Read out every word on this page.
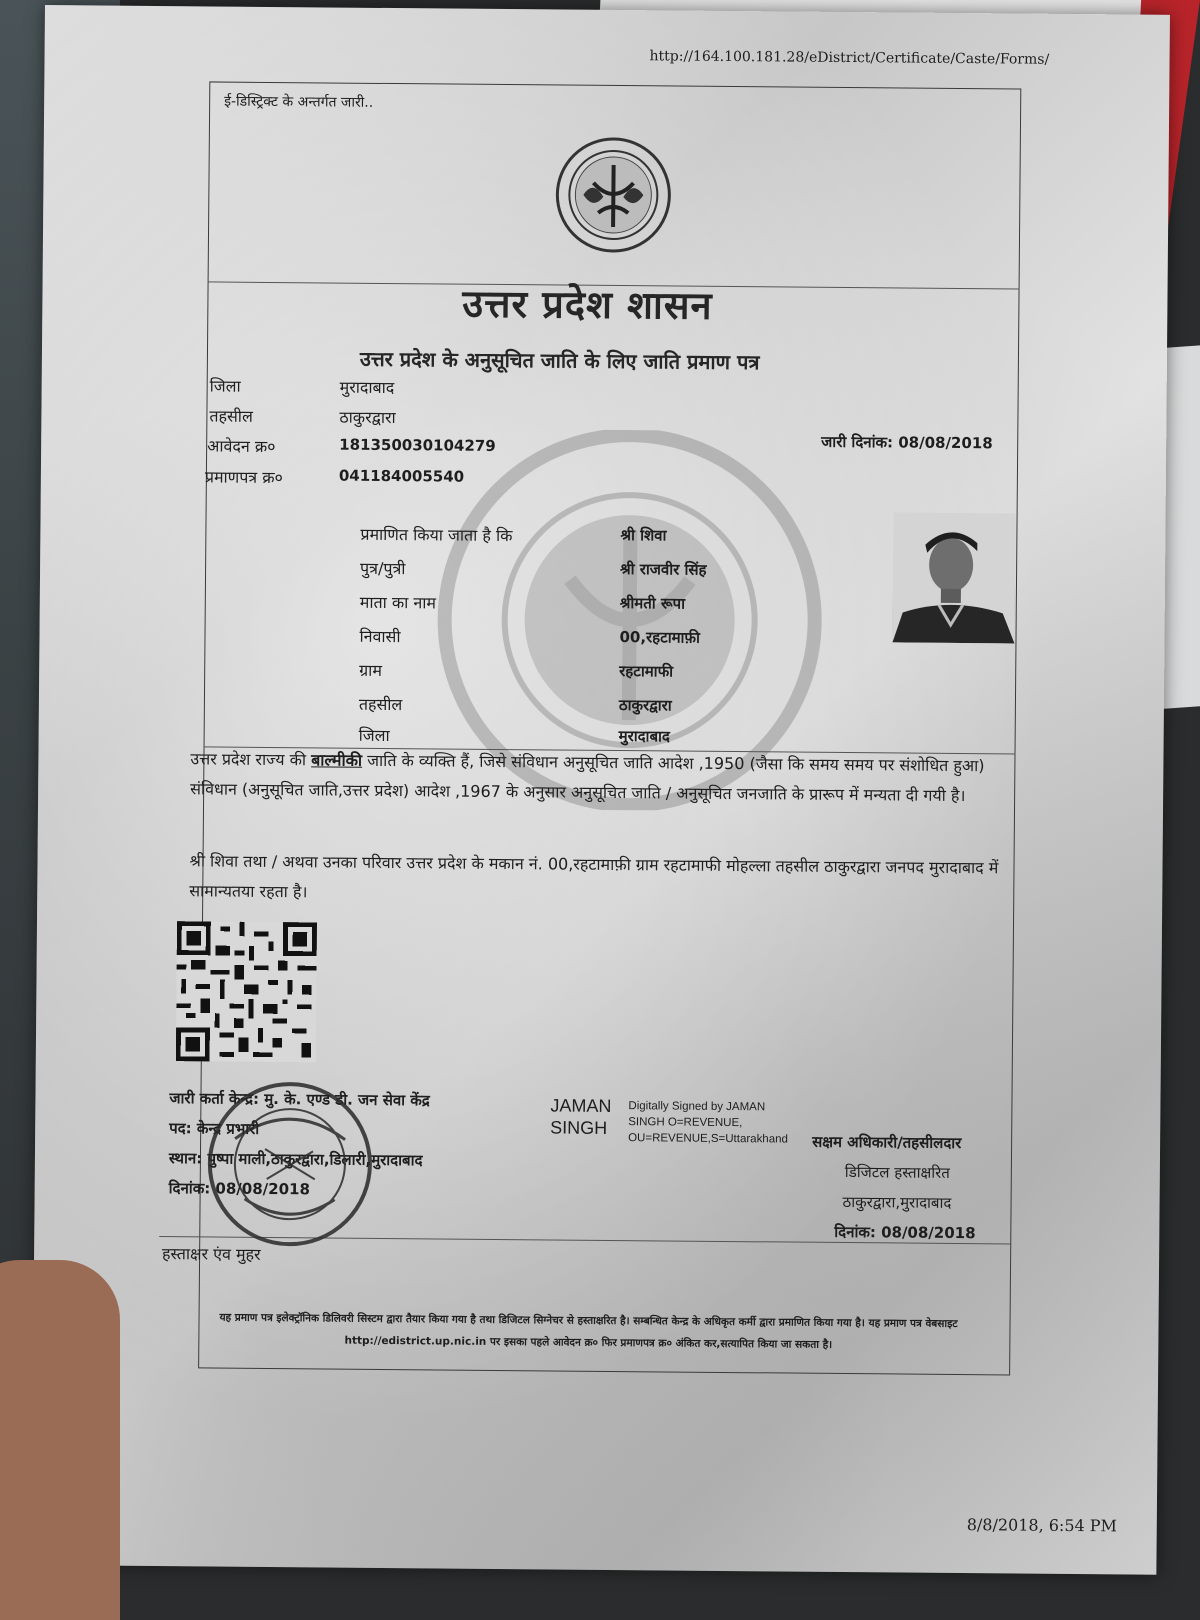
http://164.100.181.28/eDistrict/Certificate/Caste/Forms/
ई-डिस्ट्रिक्ट के अन्तर्गत जारी..
उत्तर प्रदेश शासन
उत्तर प्रदेश के अनुसूचित जाति के लिए जाति प्रमाण पत्र
जिला	मुरादाबाद
तहसील	ठाकुरद्वारा
आवेदन क्र०	181350030104279
प्रमाणपत्र क्र०	041184005540
जारी दिनांक: 08/08/2018
प्रमाणित किया जाता है कि	श्री शिवा
पुत्र/पुत्री	श्री राजवीर सिंह
माता का नाम	श्रीमती रूपा
निवासी	00,रहटामाफ़ी
ग्राम	रहटामाफी
तहसील	ठाकुरद्वारा
जिला	मुरादाबाद
उत्तर प्रदेश राज्य की बाल्मीकी जाति के व्यक्ति हैं, जिसे संविधान अनुसूचित जाति आदेश ,1950 (जैसा कि समय समय पर संशोधित हुआ) संविधान (अनुसूचित जाति,उत्तर प्रदेश) आदेश ,1967 के अनुसार अनुसूचित जाति / अनुसूचित जनजाति के प्रारूप में मन्यता दी गयी है।
श्री शिवा तथा / अथवा उनका परिवार उत्तर प्रदेश के मकान नं. 00,रहटामाफ़ी ग्राम रहटामाफी मोहल्ला तहसील ठाकुरद्वारा जनपद मुरादाबाद में सामान्यतया रहता है।
जारी कर्ता केन्द्र: मु. के. एण्ड डी. जन सेवा केंद्र
पद: केन्द्र प्रभारी
स्थान: पुष्पा माली,ठाकुरद्वारा,डिलारी,मुरादाबाद
दिनांक: 08/08/2018
हस्ताक्षर एंव मुहर
JAMAN
SINGH
Digitally Signed by JAMAN
SINGH O=REVENUE,
OU=REVENUE,S=Uttarakhand सक्षम अधिकारी/तहसीलदार
डिजिटल हस्ताक्षरित
ठाकुरद्वारा,मुरादाबाद
दिनांक: 08/08/2018
यह प्रमाण पत्र इलेक्ट्रॉनिक डिलिवरी सिस्टम द्वारा तैयार किया गया है तथा डिजिटल सिग्नेचर से हस्ताक्षरित है। सम्बन्धित केन्द्र के अधिकृत कर्मी द्वारा प्रमाणित किया गया है। यह प्रमाण पत्र वेबसाइट http://edistrict.up.nic.in पर इसका पहले आवेदन क्र० फिर प्रमाणपत्र क्र० अंकित कर,सत्यापित किया जा सकता है।
8/8/2018, 6:54 PM
